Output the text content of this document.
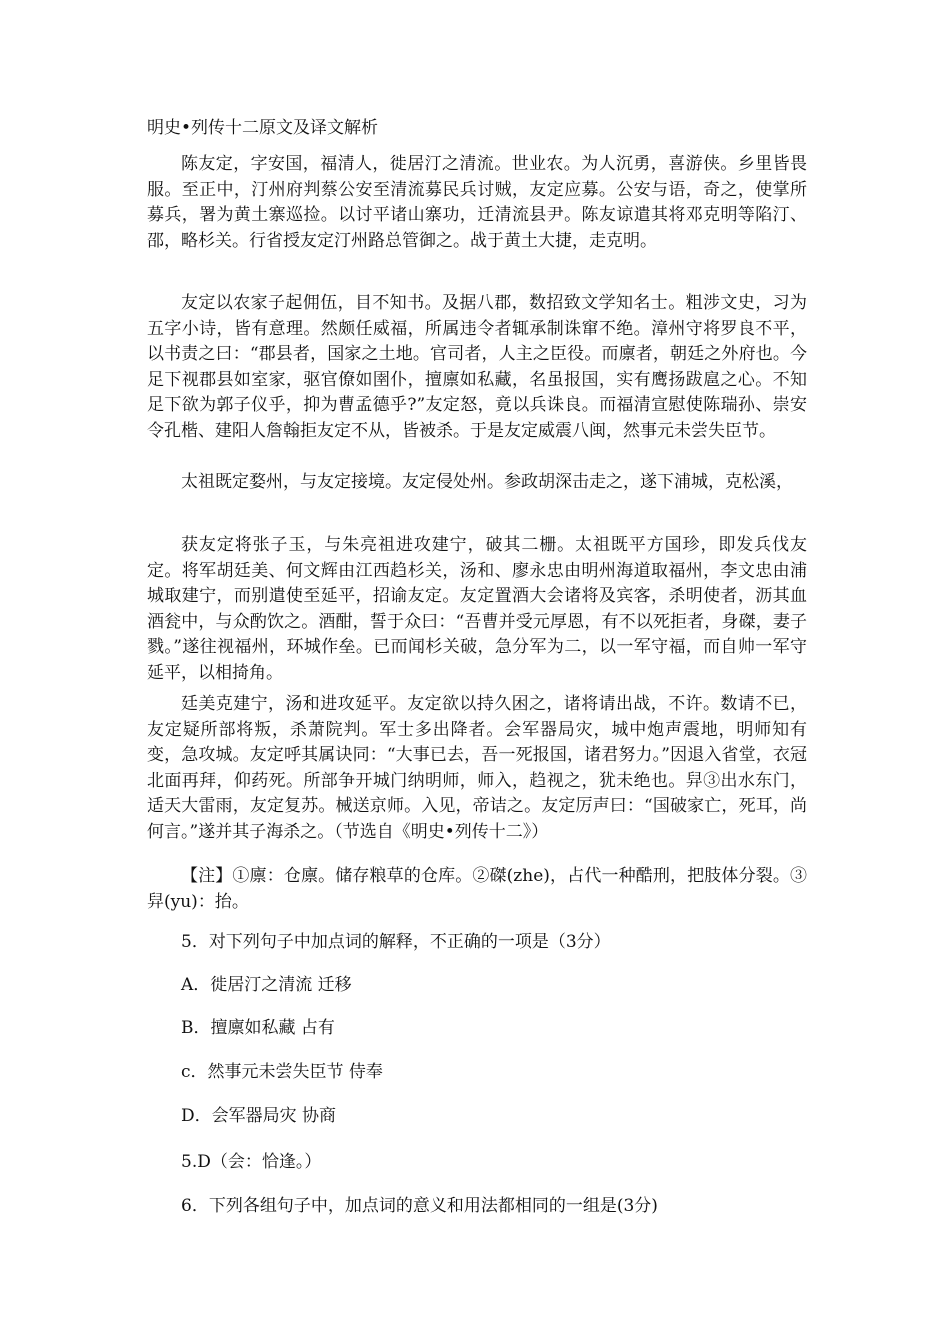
明史•列传十二原文及译文解析

陈友定，字安国，福清人，徙居汀之清流。世业农。为人沉勇，喜游侠。乡里皆畏服。至正中，汀州府判蔡公安至清流募民兵讨贼，友定应募。公安与语，奇之，使掌所募兵，署为黄土寨巡捡。以讨平诸山寨功，迁清流县尹。陈友谅遣其将邓克明等陷汀、邵，略杉关。行省授友定汀州路总管御之。战于黄土大捷，走克明。

友定以农家子起佣伍，目不知书。及据八郡，数招致文学知名士。粗涉文史，习为五字小诗，皆有意理。然颇任威福，所属违令者辄承制诛窜不绝。漳州守将罗良不平，以书责之曰：“郡县者，国家之土地。官司者，人主之臣役。而廪者，朝廷之外府也。今足下视郡县如室家，驱官僚如圉仆，擅廪如私藏，名虽报国，实有鹰扬跋扈之心。不知足下欲为郭子仪乎，抑为曹孟德乎?”友定怒，竟以兵诛良。而福清宣慰使陈瑞孙、崇安令孔楷、建阳人詹翰拒友定不从，皆被杀。于是友定威震八闽，然事元未尝失臣节。

太祖既定婺州，与友定接境。友定侵处州。参政胡深击走之，遂下浦城，克松溪，

获友定将张子玉，与朱亮祖进攻建宁，破其二栅。太祖既平方国珍，即发兵伐友定。将军胡廷美、何文辉由江西趋杉关，汤和、廖永忠由明州海道取福州，李文忠由浦城取建宁，而别遣使至延平，招谕友定。友定置酒大会诸将及宾客，杀明使者，沥其血酒瓮中，与众酌饮之。酒酣，誓于众曰：“吾曹并受元厚恩，有不以死拒者，身磔，妻子戮。”遂往视福州，环城作垒。已而闻杉关破，急分军为二，以一军守福，而自帅一军守延平，以相掎角。

廷美克建宁，汤和进攻延平。友定欲以持久困之，诸将请出战，不许。数请不已，友定疑所部将叛，杀萧院判。军士多出降者。会军器局灾，城中炮声震地，明师知有变，急攻城。友定呼其属诀同：“大事已去，吾一死报国，诸君努力。”因退入省堂，衣冠北面再拜，仰药死。所部争开城门纳明师，师入，趋视之，犹未绝也。舁③出水东门，适天大雷雨，友定复苏。械送京师。入见，帝诘之。友定厉声曰：“国破家亡，死耳，尚何言。”遂并其子海杀之。（节选自《明史•列传十二》）

【注】①廪：仓廪。储存粮草的仓库。②磔(zhe)，占代一种酷刑，把肢体分裂。③舁(yu)：抬。

5．对下列句子中加点词的解释，不正确的一项是（3分）
A．徙居汀之清流 迁移
B．擅廪如私藏 占有
c．然事元未尝失臣节 侍奉
D．会军器局灾 协商
5.D（会：恰逢。）
6．下列各组句子中，加点词的意义和用法都相同的一组是(3分)
